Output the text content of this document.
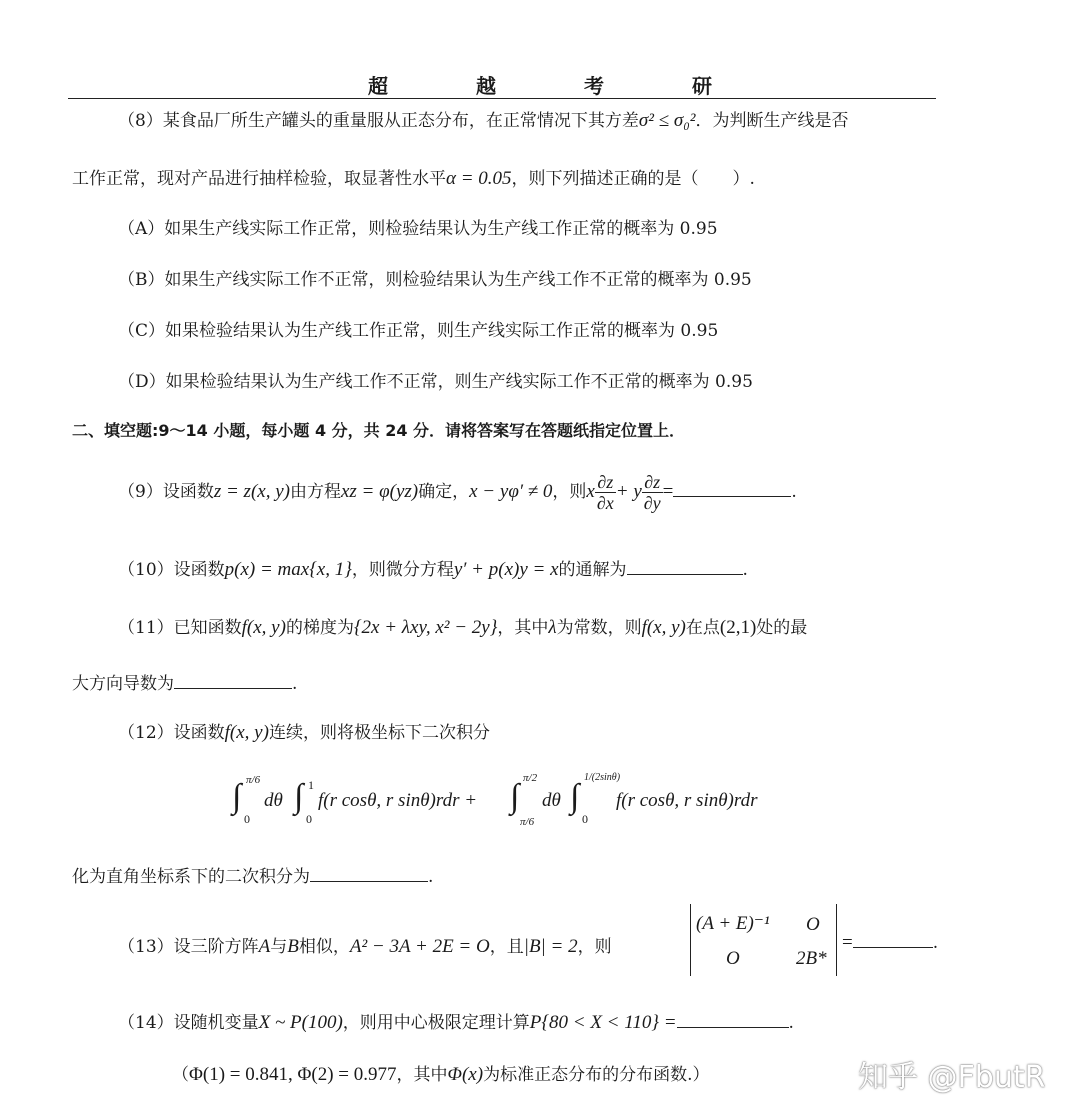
超	越	考	研
（8）某食品厂所生产罐头的重量服从正态分布，在正常情况下其方差σ² ≤ σ₀²．为判断生产线是否
工作正常，现对产品进行抽样检验，取显著性水平α = 0.05，则下列描述正确的是（　　）.
（A）如果生产线实际工作正常，则检验结果认为生产线工作正常的概率为 0.95
（B）如果生产线实际工作不正常，则检验结果认为生产线工作不正常的概率为 0.95
（C）如果检验结果认为生产线工作正常，则生产线实际工作正常的概率为 0.95
（D）如果检验结果认为生产线工作不正常，则生产线实际工作不正常的概率为 0.95
二、填空题:9～14 小题，每小题 4 分，共 24 分．请将答案写在答题纸指定位置上．
（9）设函数z = z(x, y)由方程xz = φ(yz)确定，x − yφ′ ≠ 0，则x $\frac{\partial z}{\partial x} + y \frac{\partial z}{\partial y}$ =	.
（10）设函数p(x) = max{x, 1}，则微分方程y′ + p(x)y = x的通解为	.
（11）已知函数f(x, y)的梯度为{2x + λxy, x² − 2y}，其中λ为常数，则f(x, y)在点(2,1)处的最
大方向导数为	.
（12）设函数f(x, y)连续，则将极坐标下二次积分
∫ π/6
0
dθ ∫ 1
0
f(r cosθ, r sinθ)rdr + ∫ π/2
π/6
dθ ∫
1/(2sinθ)
0
f(r cosθ, r sinθ)rdr
化为直角坐标系下的二次积分为	.
（13）设三阶方阵A与B相似，A² − 3A + 2E = O，且|B| = 2，则
(A + E)⁻¹ O
O	2B*
=	.
（14）设随机变量X ~ P(100)，则用中心极限定理计算P{80 < X < 110} =	.
（Φ(1) = 0.841, Φ(2) = 0.977，其中Φ(x)为标准正态分布的分布函数.）	知乎 @FbutR
